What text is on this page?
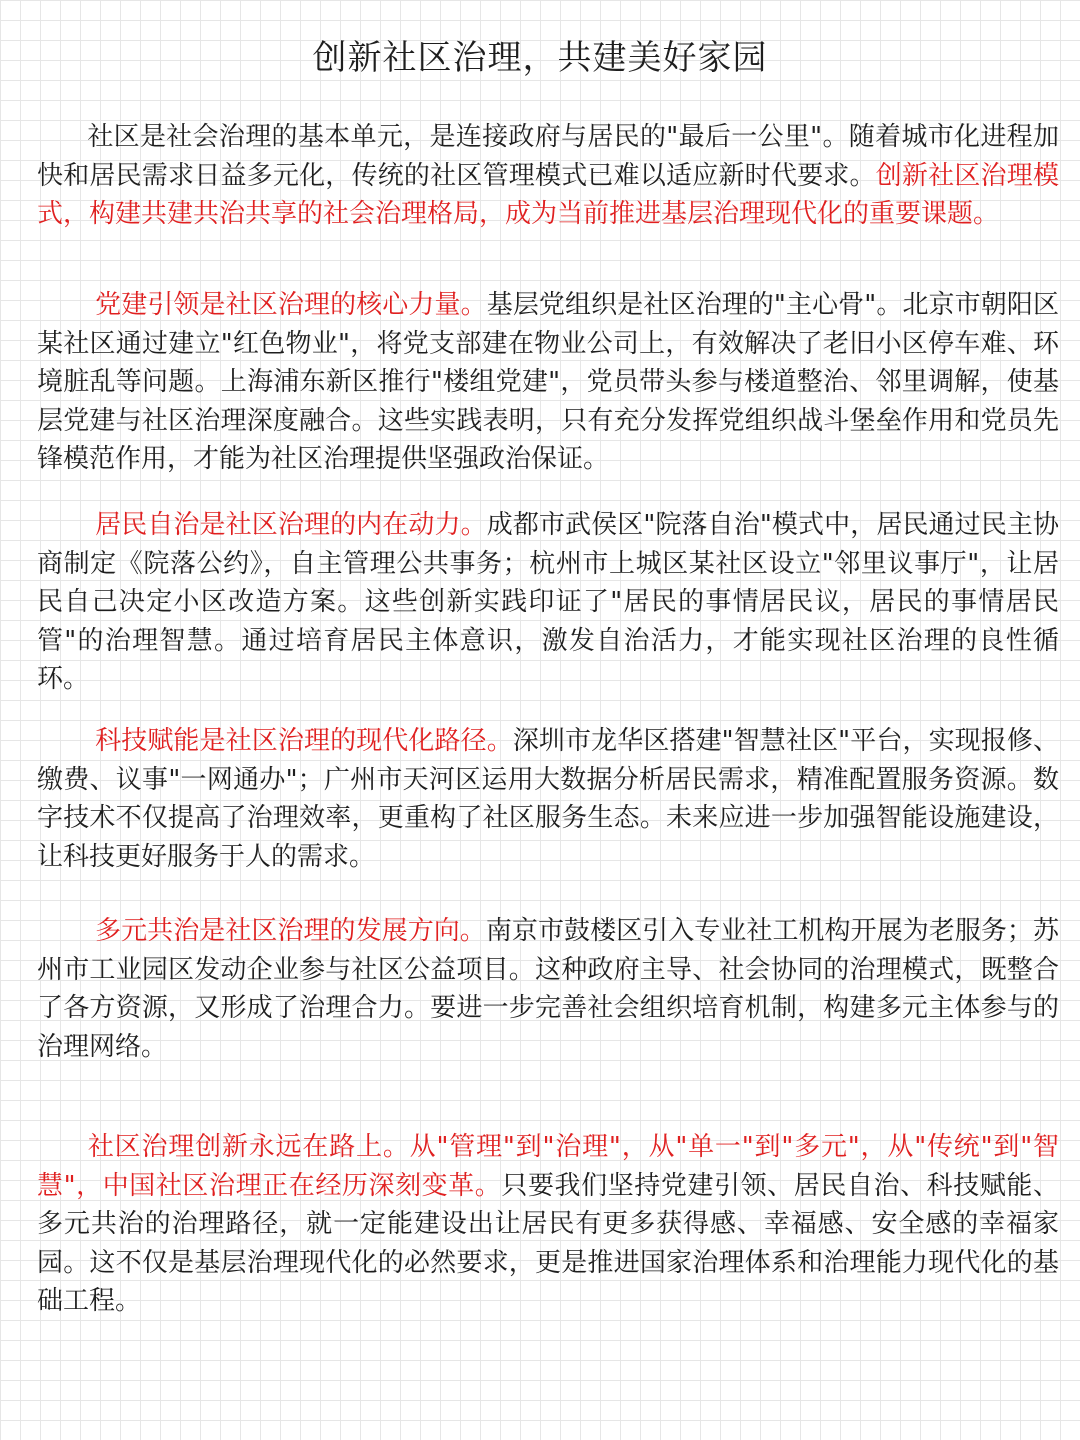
创新社区治理，共建美好家园

社区是社会治理的基本单元，是连接政府与居民的"最后一公里"。随着城市化进程加快和居民需求日益多元化，传统的社区管理模式已难以适应新时代要求。创新社区治理模式，构建共建共治共享的社会治理格局，成为当前推进基层治理现代化的重要课题。

党建引领是社区治理的核心力量。基层党组织是社区治理的"主心骨"。北京市朝阳区某社区通过建立"红色物业"，将党支部建在物业公司上，有效解决了老旧小区停车难、环境脏乱等问题。上海浦东新区推行"楼组党建"，党员带头参与楼道整治、邻里调解，使基层党建与社区治理深度融合。这些实践表明，只有充分发挥党组织战斗堡垒作用和党员先锋模范作用，才能为社区治理提供坚强政治保证。

居民自治是社区治理的内在动力。成都市武侯区"院落自治"模式中，居民通过民主协商制定《院落公约》，自主管理公共事务；杭州市上城区某社区设立"邻里议事厅"，让居民自己决定小区改造方案。这些创新实践印证了"居民的事情居民议，居民的事情居民管"的治理智慧。通过培育居民主体意识，激发自治活力，才能实现社区治理的良性循环。

科技赋能是社区治理的现代化路径。深圳市龙华区搭建"智慧社区"平台，实现报修、缴费、议事"一网通办"；广州市天河区运用大数据分析居民需求，精准配置服务资源。数字技术不仅提高了治理效率，更重构了社区服务生态。未来应进一步加强智能设施建设，让科技更好服务于人的需求。

多元共治是社区治理的发展方向。南京市鼓楼区引入专业社工机构开展为老服务；苏州市工业园区发动企业参与社区公益项目。这种政府主导、社会协同的治理模式，既整合了各方资源，又形成了治理合力。要进一步完善社会组织培育机制，构建多元主体参与的治理网络。

社区治理创新永远在路上。从"管理"到"治理"，从"单一"到"多元"，从"传统"到"智慧"，中国社区治理正在经历深刻变革。只要我们坚持党建引领、居民自治、科技赋能、多元共治的治理路径，就一定能建设出让居民有更多获得感、幸福感、安全感的幸福家园。这不仅是基层治理现代化的必然要求，更是推进国家治理体系和治理能力现代化的基础工程。
